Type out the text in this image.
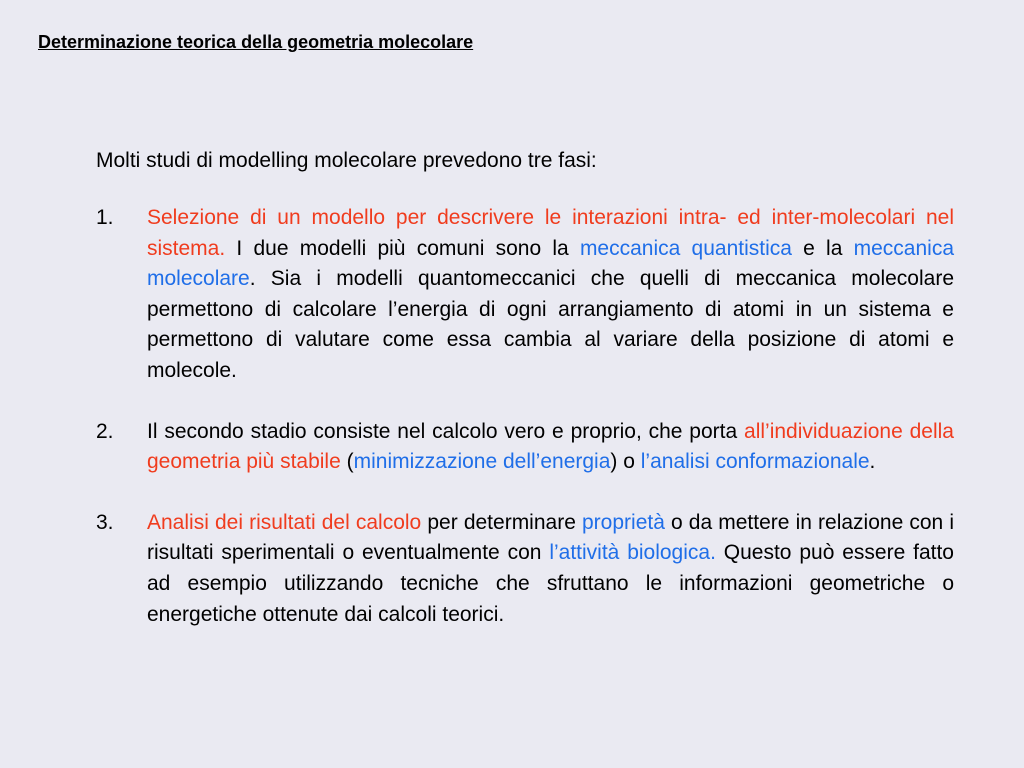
Determinazione teorica della geometria molecolare
Molti studi di modelling molecolare prevedono tre fasi:
1. Selezione di un modello per descrivere le interazioni intra- ed inter-molecolari nel sistema. I due modelli più comuni sono la meccanica quantistica e la meccanica molecolare. Sia i modelli quantomeccanici che quelli di meccanica molecolare permettono di calcolare l’energia di ogni arrangiamento di atomi in un sistema e permettono di valutare come essa cambia al variare della posizione di atomi e molecole.
2. Il secondo stadio consiste nel calcolo vero e proprio, che porta all’individuazione della geometria più stabile (minimizzazione dell’energia) o l’analisi conformazionale.
3. Analisi dei risultati del calcolo per determinare proprietà o da mettere in relazione con i risultati sperimentali o eventualmente con l’attività biologica. Questo può essere fatto ad esempio utilizzando tecniche che sfruttano le informazioni geometriche o energetiche ottenute dai calcoli teorici.
